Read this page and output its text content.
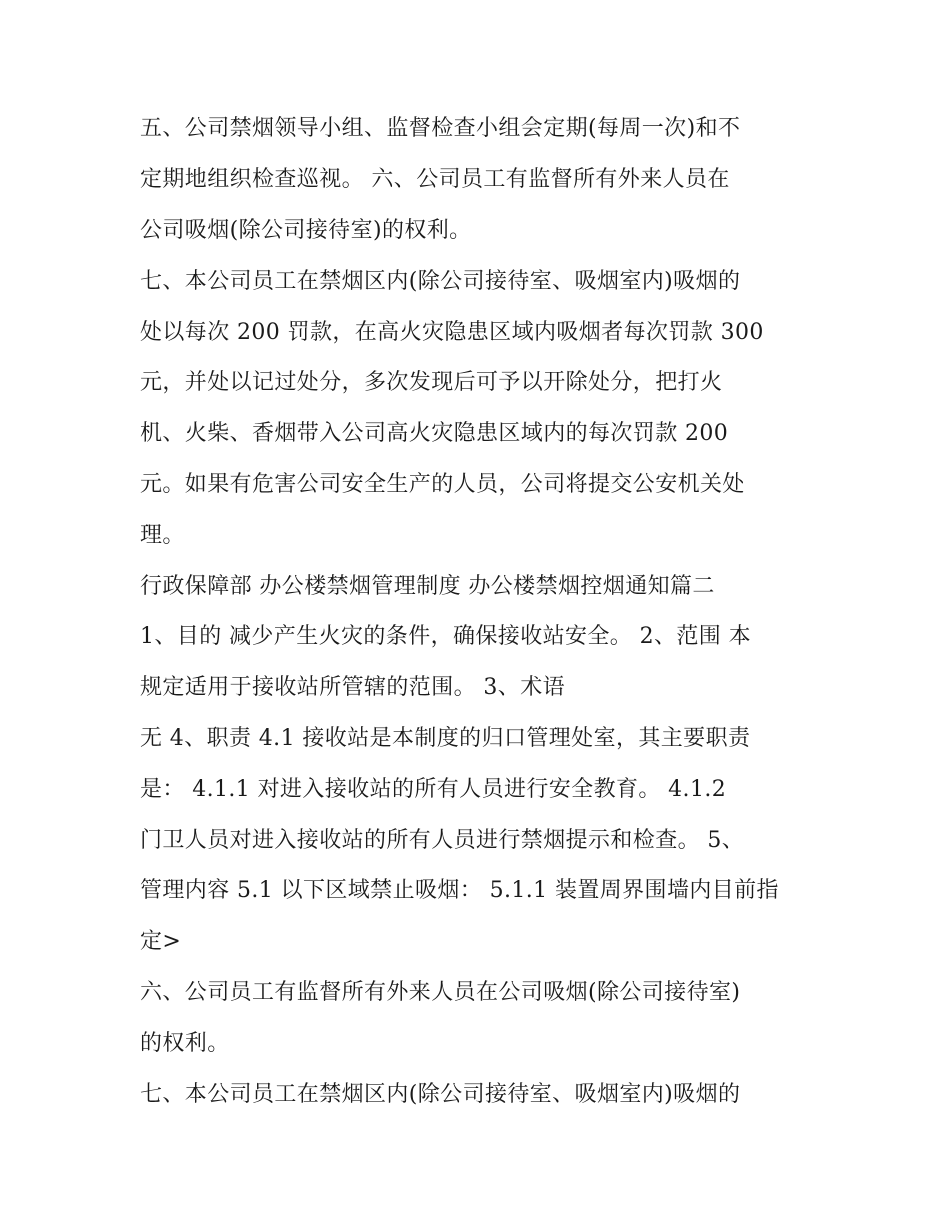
五、公司禁烟领导小组、监督检查小组会定期(每周一次)和不
定期地组织检查巡视。 六、公司员工有监督所有外来人员在
公司吸烟(除公司接待室)的权利。
七、本公司员工在禁烟区内(除公司接待室、吸烟室内)吸烟的
处以每次 200 罚款，在高火灾隐患区域内吸烟者每次罚款 300
元，并处以记过处分，多次发现后可予以开除处分，把打火
机、火柴、香烟带入公司高火灾隐患区域内的每次罚款 200
元。如果有危害公司安全生产的人员，公司将提交公安机关处
理。
行政保障部 办公楼禁烟管理制度 办公楼禁烟控烟通知篇二
1、目的 减少产生火灾的条件，确保接收站安全。 2、范围 本
规定适用于接收站所管辖的范围。 3、术语
无 4、职责 4.1 接收站是本制度的归口管理处室，其主要职责
是： 4.1.1 对进入接收站的所有人员进行安全教育。 4.1.2
门卫人员对进入接收站的所有人员进行禁烟提示和检查。 5、
管理内容 5.1 以下区域禁止吸烟： 5.1.1 装置周界围墙内目前指
定>
六、公司员工有监督所有外来人员在公司吸烟(除公司接待室)
的权利。
七、本公司员工在禁烟区内(除公司接待室、吸烟室内)吸烟的
